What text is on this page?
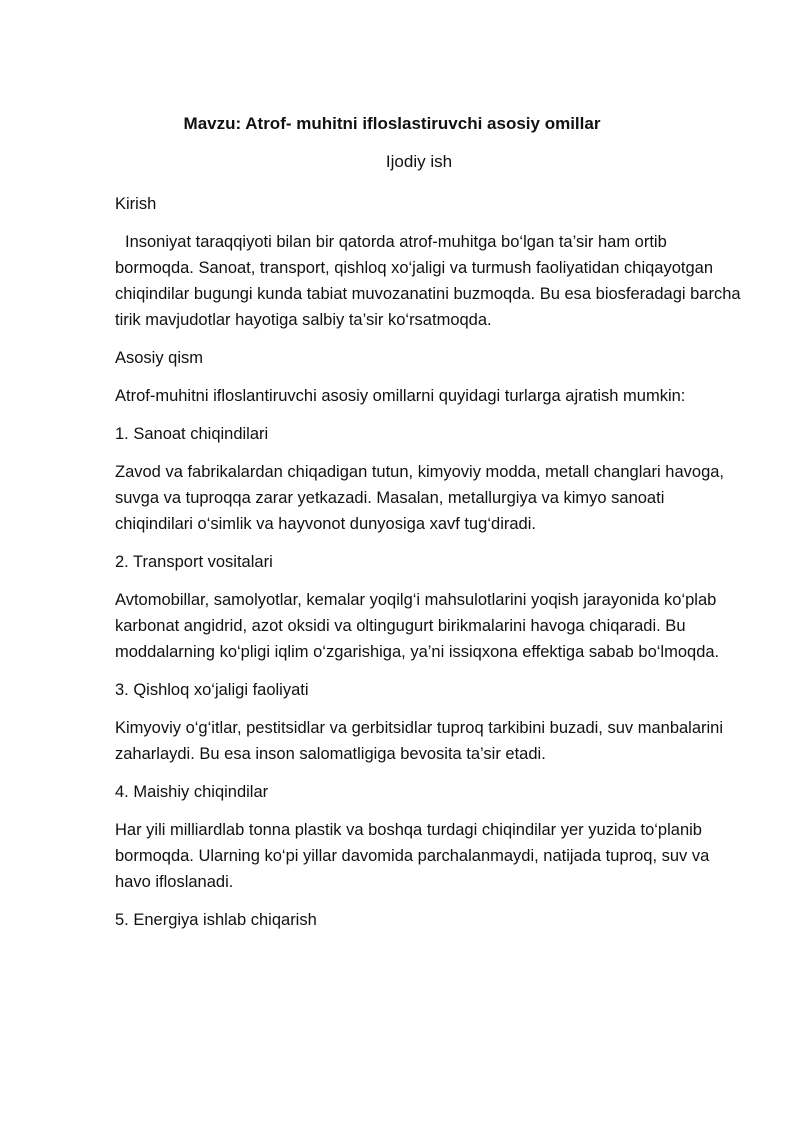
Mavzu: Atrof- muhitni ifloslastiruvchi asosiy omillar
Ijodiy ish

Kirish

Insoniyat taraqqiyoti bilan bir qatorda atrof-muhitga bo‘lgan ta’sir ham ortib bormoqda. Sanoat, transport, qishloq xo‘jaligi va turmush faoliyatidan chiqayotgan chiqindilar bugungi kunda tabiat muvozanatini buzmoqda. Bu esa biosferadagi barcha tirik mavjudotlar hayotiga salbiy ta’sir ko‘rsatmoqda.

Asosiy qism

Atrof-muhitni ifloslantiruvchi asosiy omillarni quyidagi turlarga ajratish mumkin:

1. Sanoat chiqindilari

Zavod va fabrikalardan chiqadigan tutun, kimyoviy modda, metall changlari havoga, suvga va tuproqqa zarar yetkazadi. Masalan, metallurgiya va kimyo sanoati chiqindilari o‘simlik va hayvonot dunyosiga xavf tug‘diradi.

2. Transport vositalari

Avtomobillar, samolyotlar, kemalar yoqilg‘i mahsulotlarini yoqish jarayonida ko‘plab karbonat angidrid, azot oksidi va oltingugurt birikmalarini havoga chiqaradi. Bu moddalarning ko‘pligi iqlim o‘zgarishiga, ya’ni issiqxona effektiga sabab bo‘lmoqda.

3. Qishloq xo‘jaligi faoliyati

Kimyoviy o‘g‘itlar, pestitsidlar va gerbitsidlar tuproq tarkibini buzadi, suv manbalarini zaharlaydi. Bu esa inson salomatligiga bevosita ta’sir etadi.

4. Maishiy chiqindilar

Har yili milliardlab tonna plastik va boshqa turdagi chiqindilar yer yuzida to‘planib bormoqda. Ularning ko‘pi yillar davomida parchalanmaydi, natijada tuproq, suv va havo ifloslanadi.

5. Energiya ishlab chiqarish
